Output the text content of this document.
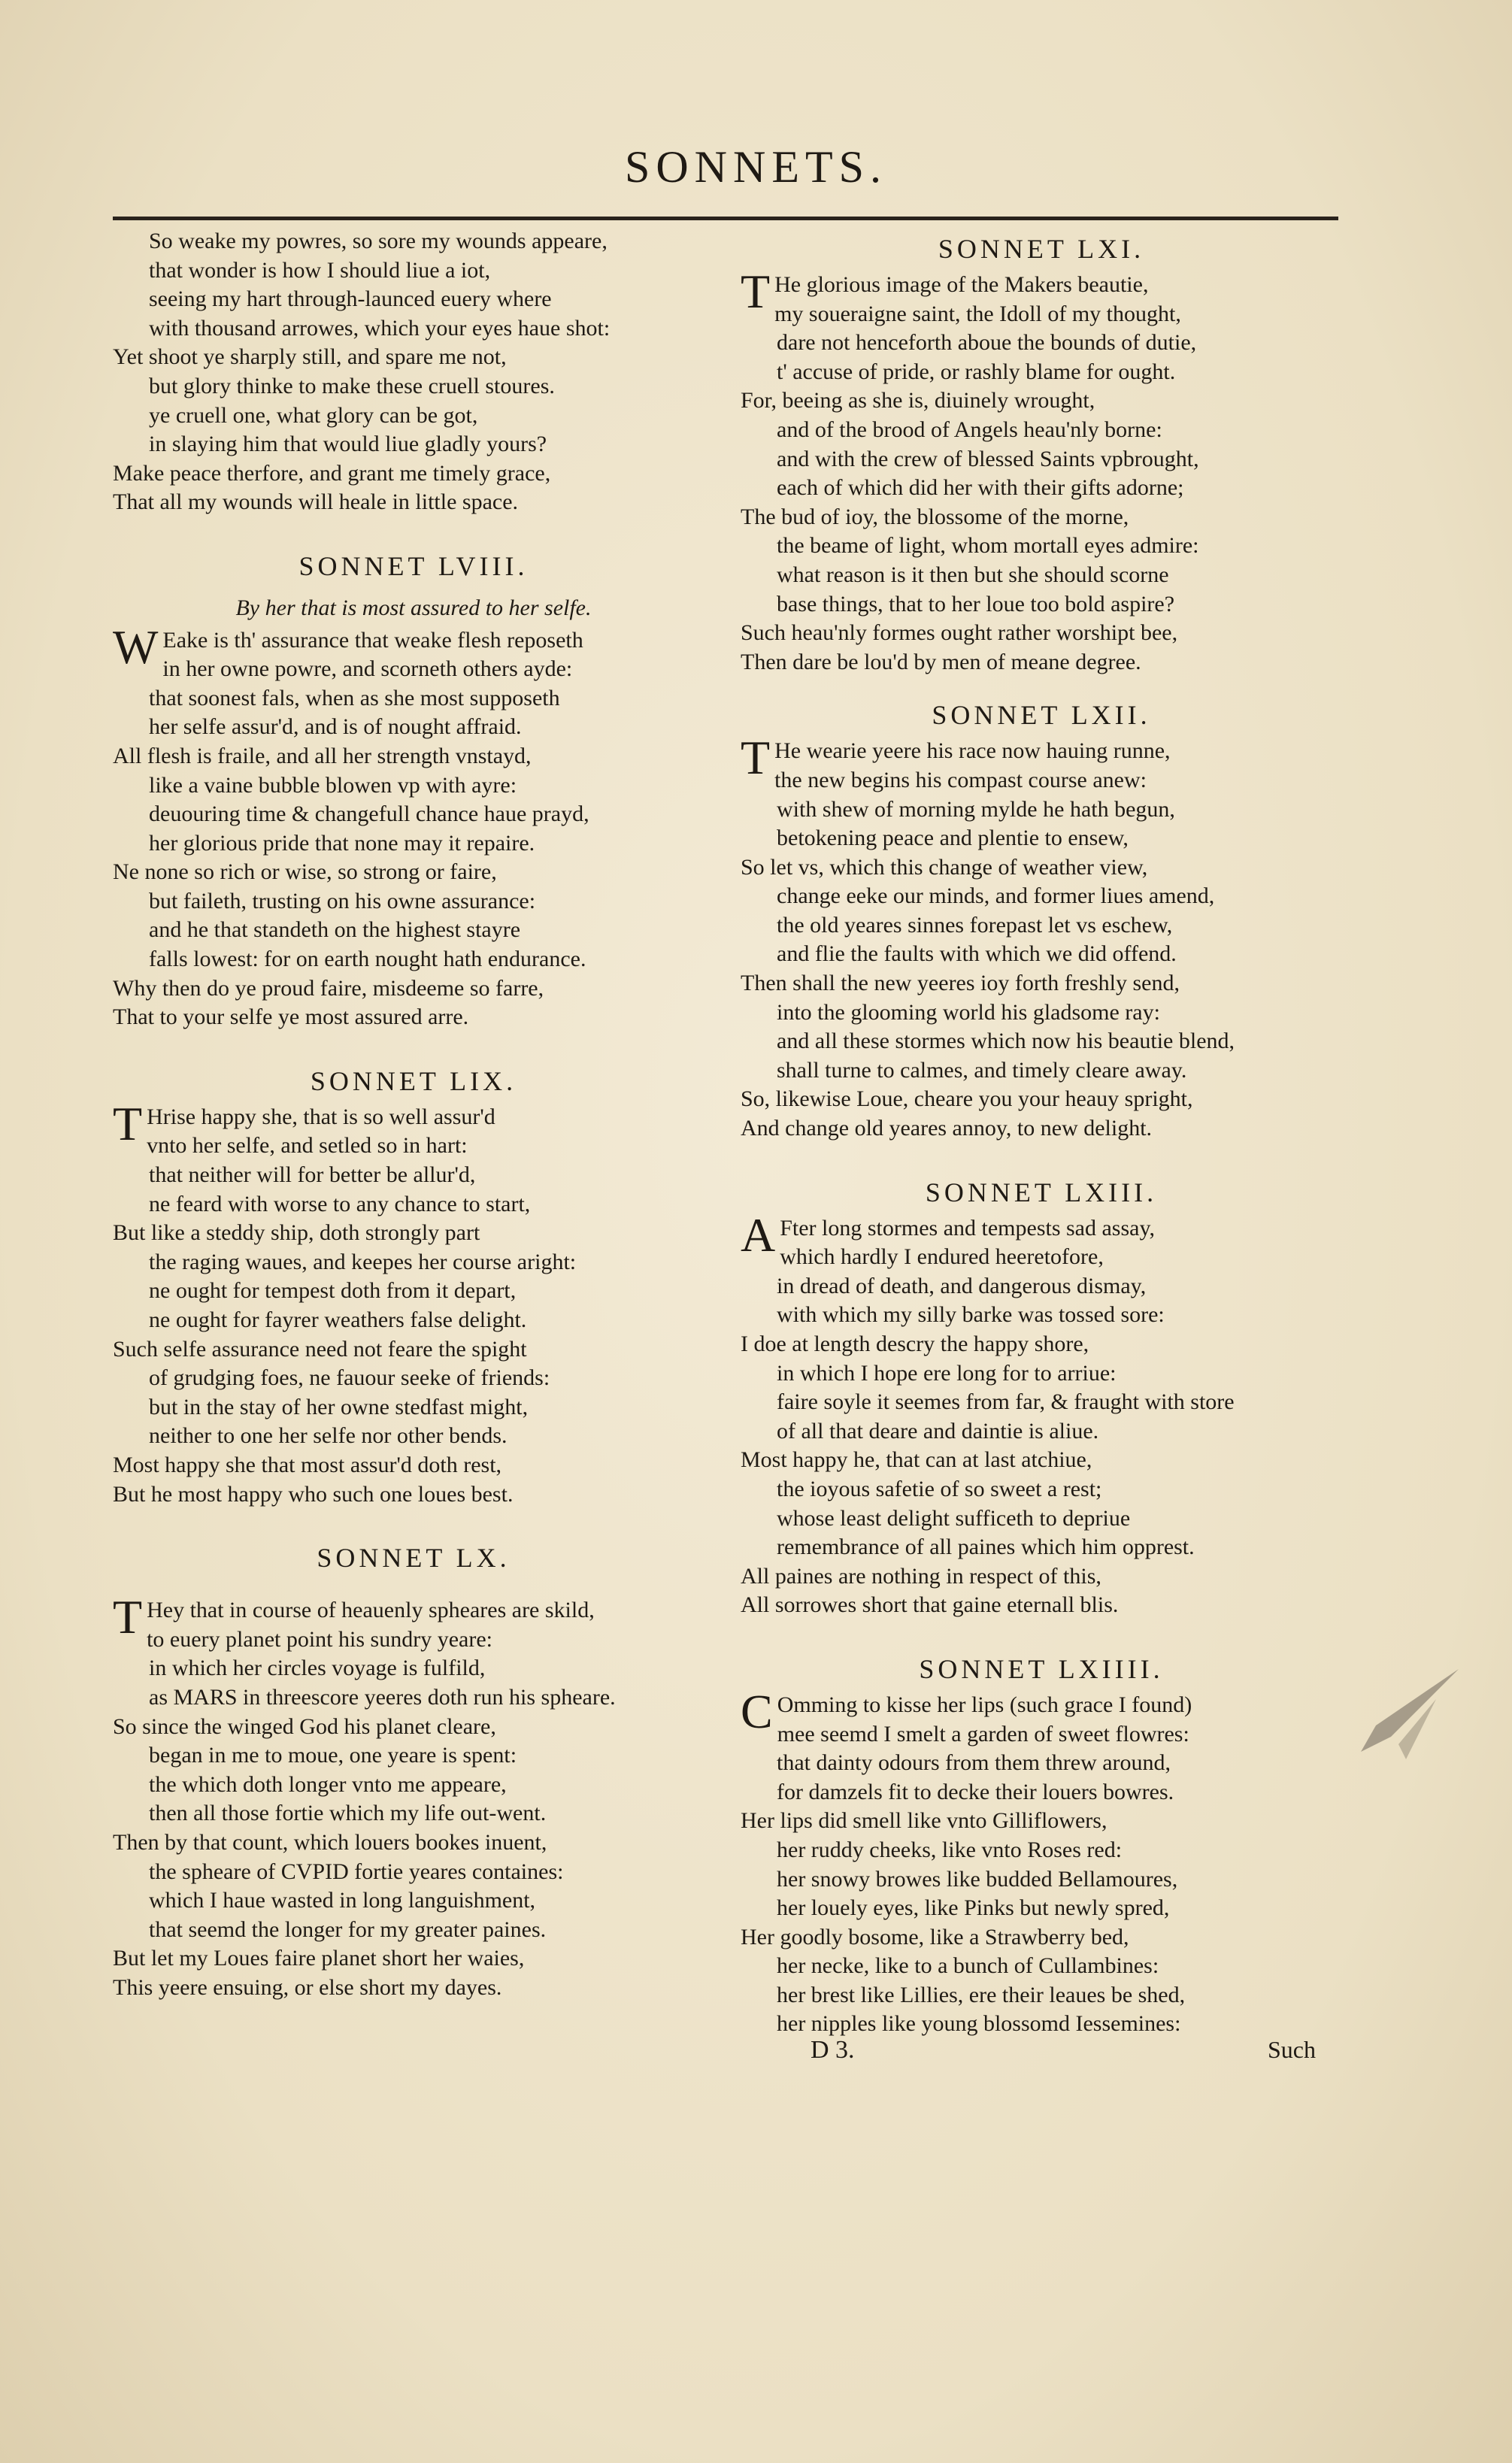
SONNETS.
So weake my powres, so sore my wounds appeare,
that wonder is how I should liue a iot,
seeing my hart through-launced euery where
with thousand arrowes, which your eyes haue shot:
Yet shoot ye sharply still, and spare me not,
but glory thinke to make these cruell stoures.
ye cruell one, what glory can be got,
in slaying him that would liue gladly yours?
Make peace therfore, and grant me timely grace,
That all my wounds will heale in little space.
SONNET LVIII.
By her that is most assured to her selfe.
W Eake is th' assurance that weake flesh reposeth
in her owne powre, and scorneth others ayde:
that soonest fals, when as she most supposeth
her selfe assur'd, and is of nought affraid.
All flesh is fraile, and all her strength vnstayd,
like a vaine bubble blowen vp with ayre:
deuouring time & changefull chance haue prayd,
her glorious pride that none may it repaire.
Ne none so rich or wise, so strong or faire,
but faileth, trusting on his owne assurance:
and he that standeth on the highest stayre
falls lowest: for on earth nought hath endurance.
Why then do ye proud faire, misdeeme so farre,
That to your selfe ye most assured arre.
SONNET LIX.
T Hrise happy she, that is so well assur'd
vnto her selfe, and setled so in hart:
that neither will for better be allur'd,
ne feard with worse to any chance to start,
But like a steddy ship, doth strongly part
the raging waues, and keepes her course aright:
ne ought for tempest doth from it depart,
ne ought for fayrer weathers false delight.
Such selfe assurance need not feare the spight
of grudging foes, ne fauour seeke of friends:
but in the stay of her owne stedfast might,
neither to one her selfe nor other bends.
Most happy she that most assur'd doth rest,
But he most happy who such one loues best.
SONNET LX.
T Hey that in course of heauenly spheares are skild,
to euery planet point his sundry yeare:
in which her circles voyage is fulfild,
as MARS in threescore yeeres doth run his spheare.
So since the winged God his planet cleare,
began in me to moue, one yeare is spent:
the which doth longer vnto me appeare,
then all those fortie which my life out-went.
Then by that count, which louers bookes inuent,
the spheare of CVPID fortie yeares containes:
which I haue wasted in long languishment,
that seemd the longer for my greater paines.
But let my Loues faire planet short her waies,
This yeere ensuing, or else short my dayes.
SONNET LXI.
T He glorious image of the Makers beautie,
my soueraigne saint, the Idoll of my thought,
dare not henceforth aboue the bounds of dutie,
t' accuse of pride, or rashly blame for ought.
For, beeing as she is, diuinely wrought,
and of the brood of Angels heau'nly borne:
and with the crew of blessed Saints vpbrought,
each of which did her with their gifts adorne;
The bud of ioy, the blossome of the morne,
the beame of light, whom mortall eyes admire:
what reason is it then but she should scorne
base things, that to her loue too bold aspire?
Such heau'nly formes ought rather worshipt bee,
Then dare be lou'd by men of meane degree.
SONNET LXII.
T He wearie yeere his race now hauing runne,
the new begins his compast course anew:
with shew of morning mylde he hath begun,
betokening peace and plentie to ensew,
So let vs, which this change of weather view,
change eeke our minds, and former liues amend,
the old yeares sinnes forepast let vs eschew,
and flie the faults with which we did offend.
Then shall the new yeeres ioy forth freshly send,
into the glooming world his gladsome ray:
and all these stormes which now his beautie blend,
shall turne to calmes, and timely cleare away.
So, likewise Loue, cheare you your heauy spright,
And change old yeares annoy, to new delight.
SONNET LXIII.
A Fter long stormes and tempests sad assay,
which hardly I endured heeretofore,
in dread of death, and dangerous dismay,
with which my silly barke was tossed sore:
I doe at length descry the happy shore,
in which I hope ere long for to arriue:
faire soyle it seemes from far, & fraught with store
of all that deare and daintie is aliue.
Most happy he, that can at last atchiue,
the ioyous safetie of so sweet a rest;
whose least delight sufficeth to depriue
remembrance of all paines which him opprest.
All paines are nothing in respect of this,
All sorrowes short that gaine eternall blis.
SONNET LXIIII.
C Omming to kisse her lips (such grace I found)
mee seemd I smelt a garden of sweet flowres:
that dainty odours from them threw around,
for damzels fit to decke their louers bowres.
Her lips did smell like vnto Gilliflowers,
her ruddy cheeks, like vnto Roses red:
her snowy browes like budded Bellamoures,
her louely eyes, like Pinks but newly spred,
Her goodly bosome, like a Strawberry bed,
her necke, like to a bunch of Cullambines:
her brest like Lillies, ere their leaues be shed,
her nipples like young blossomd Iessemines:
D 3.	Such
